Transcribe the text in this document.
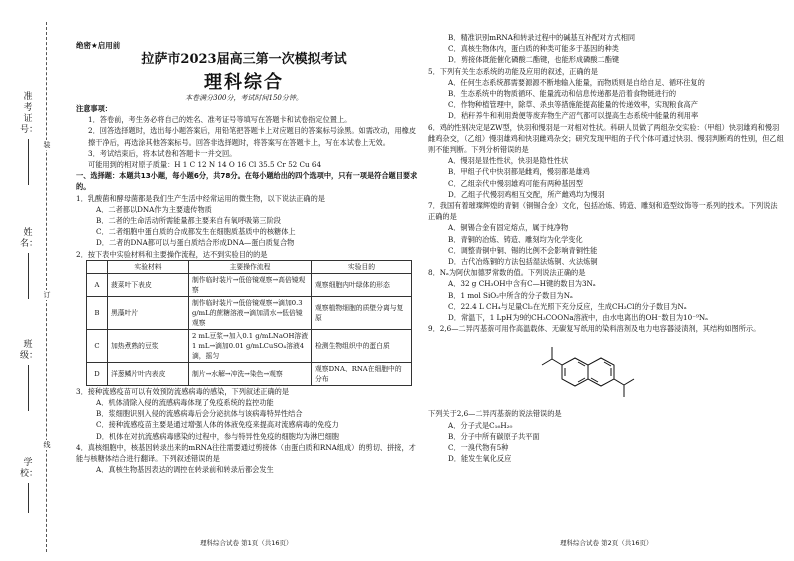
装
订
线
准考证号：
姓名：
班级：
学校：
绝密★启用前
拉萨市2023届高三第一次模拟考试
理科综合
本卷满分300分，考试时间150分钟。

注意事项：

1．答卷前，考生务必将自己的姓名、准考证号等填写在答题卡和试卷指定位置上。

2．回答选择题时，选出每小题答案后，用铅笔把答题卡上对应题目的答案标号涂黑。如需改动，用橡皮擦干净后，再选涂其他答案标号。回答非选择题时，将答案写在答题卡上，写在本试卷上无效。

3．考试结束后，将本试卷和答题卡一并交回。

可能用到的相对原子质量：H 1 C 12 N 14 O 16 Cl 35.5 Cr 52 Cu 64

一、选择题：本题共13小题，每小题6分，共78分。在每小题给出的四个选项中，只有一项是符合题目要求的。

1．乳酸菌和酵母菌都是我们生产生活中经常运用的微生物，以下说法正确的是

A．二者都以DNA作为主要遗传物质

B．二者的生命活动所需能量都主要来自有氧呼吸第三阶段

C．二者细胞中蛋白质的合成都发生在细胞质基质中的核糖体上

D．二者的DNA都可以与蛋白质结合形成DNA—蛋白质复合物

2．按下表中实验材料和主要操作流程，达不到实验目的的是

	实验材料	主要操作流程	实验目的
A	菠菜叶下表皮	制作临时装片→低倍镜观察→高倍镜观察	观察细胞内叶绿体的形态
B	黑藻叶片	制作临时装片→低倍镜观察→滴加0.3 g/mL的蔗糖溶液→滴加清水→低倍镜观察	观察植物细胞的质壁分离与复原
C	加热煮熟的豆浆	2 mL豆浆→加入0.1 g/mLNaOH溶液1 mL→滴加0.01 g/mLCuSO₄溶液4滴，摇匀	检测生物组织中的蛋白质
D	洋葱鳞片叶内表皮	制片→水解→冲洗→染色→观察	观察DNA、RNA在细胞中的分布

3．接种流感疫苗可以有效预防流感病毒的感染，下列叙述正确的是

A．机体清除入侵的流感病毒体现了免疫系统的监控功能

B．浆细胞识别入侵的流感病毒后会分泌抗体与该病毒特异性结合

C．接种流感疫苗主要是通过增强人体的体液免疫来提高对流感病毒的免疫力

D．机体在对抗流感病毒感染的过程中，参与特异性免疫的细胞均为淋巴细胞

4．真核细胞中，核基因转录出来的mRNA往往需要通过剪接体（由蛋白质和RNA组成）的剪切、拼接，才能与核糖体结合进行翻译。下列叙述错误的是

A．真核生物基因表达的调控在转录前和转录后都会发生

B．精准识别mRNA和转录过程中的碱基互补配对方式相同

C．真核生物体内，蛋白质的种类可能多于基因的种类

D．剪接体既能催化磷酸二酯键，也能形成磷酸二酯键

5．下列有关生态系统的功能及应用的叙述，正确的是

A．任何生态系统都需要源源不断地输入能量，而物质则是自给自足、循环往复的

B．生态系统中的物质循环、能量流动和信息传递都是沿着食物链进行的

C．作物种植管理中，除草、杀虫等措施能提高能量的传递效率，实现粮食高产

D．秸秆养牛和利用粪便等废弃物生产沼气都可以提高生态系统中能量的利用率

6．鸡的性别决定是ZW型，快羽和慢羽是一对相对性状。科研人员做了两组杂交实验：（甲组）快羽雄鸡和慢羽雌鸡杂交，（乙组）慢羽雄鸡和快羽雌鸡杂交；研究发现甲组的子代个体可通过快羽、慢羽判断鸡的性别，但乙组则不能判断。下列分析错误的是

A．慢羽是显性性状，快羽是隐性性状

B．甲组子代中快羽都是雌鸡，慢羽都是雄鸡

C．乙组亲代中慢羽雄鸡可能有两种基因型

D．乙组子代慢羽鸡相互交配，所产雌鸡均为慢羽

7．我国有着璀璨辉煌的青铜（铜锡合金）文化，包括冶炼、铸造、雕刻和造型纹饰等一系列的技术。下列说法正确的是

A．铜锡合金有固定熔点，属于纯净物

B．青铜的冶炼、铸造、雕刻均为化学变化

C．调整青铜中铜、锡的比例不会影响青铜性能

D．古代冶炼铜的方法包括湿法炼铜、火法炼铜

8．Nₐ为阿伏加德罗常数的值。下列说法正确的是

A．32 g CH₃OH中含有C—H键的数目为3Nₐ

B．1 mol SiO₂中所含的分子数目为Nₐ

C．22.4 L CH₄与足量Cl₂在光照下充分反应，生成CH₃Cl的分子数目为Nₐ

D．常温下，1 LpH为9的CH₃COONa溶液中，由水电离出的OH⁻数目为10⁻⁹Nₐ

9．2,6—二异丙基萘可用作高温载体、无碳复写纸用的染料溶剂及电力电容器浸渍剂，其结构如图所示。

下列关于2,6—二异丙基萘的说法错误的是

A．分子式是C₁₆H₂₀

B．分子中所有碳原子共平面

C．一溴代物有5种

D．能发生氧化反应

理科综合试卷 第1页（共16页）	理科综合试卷 第2页（共16页）
